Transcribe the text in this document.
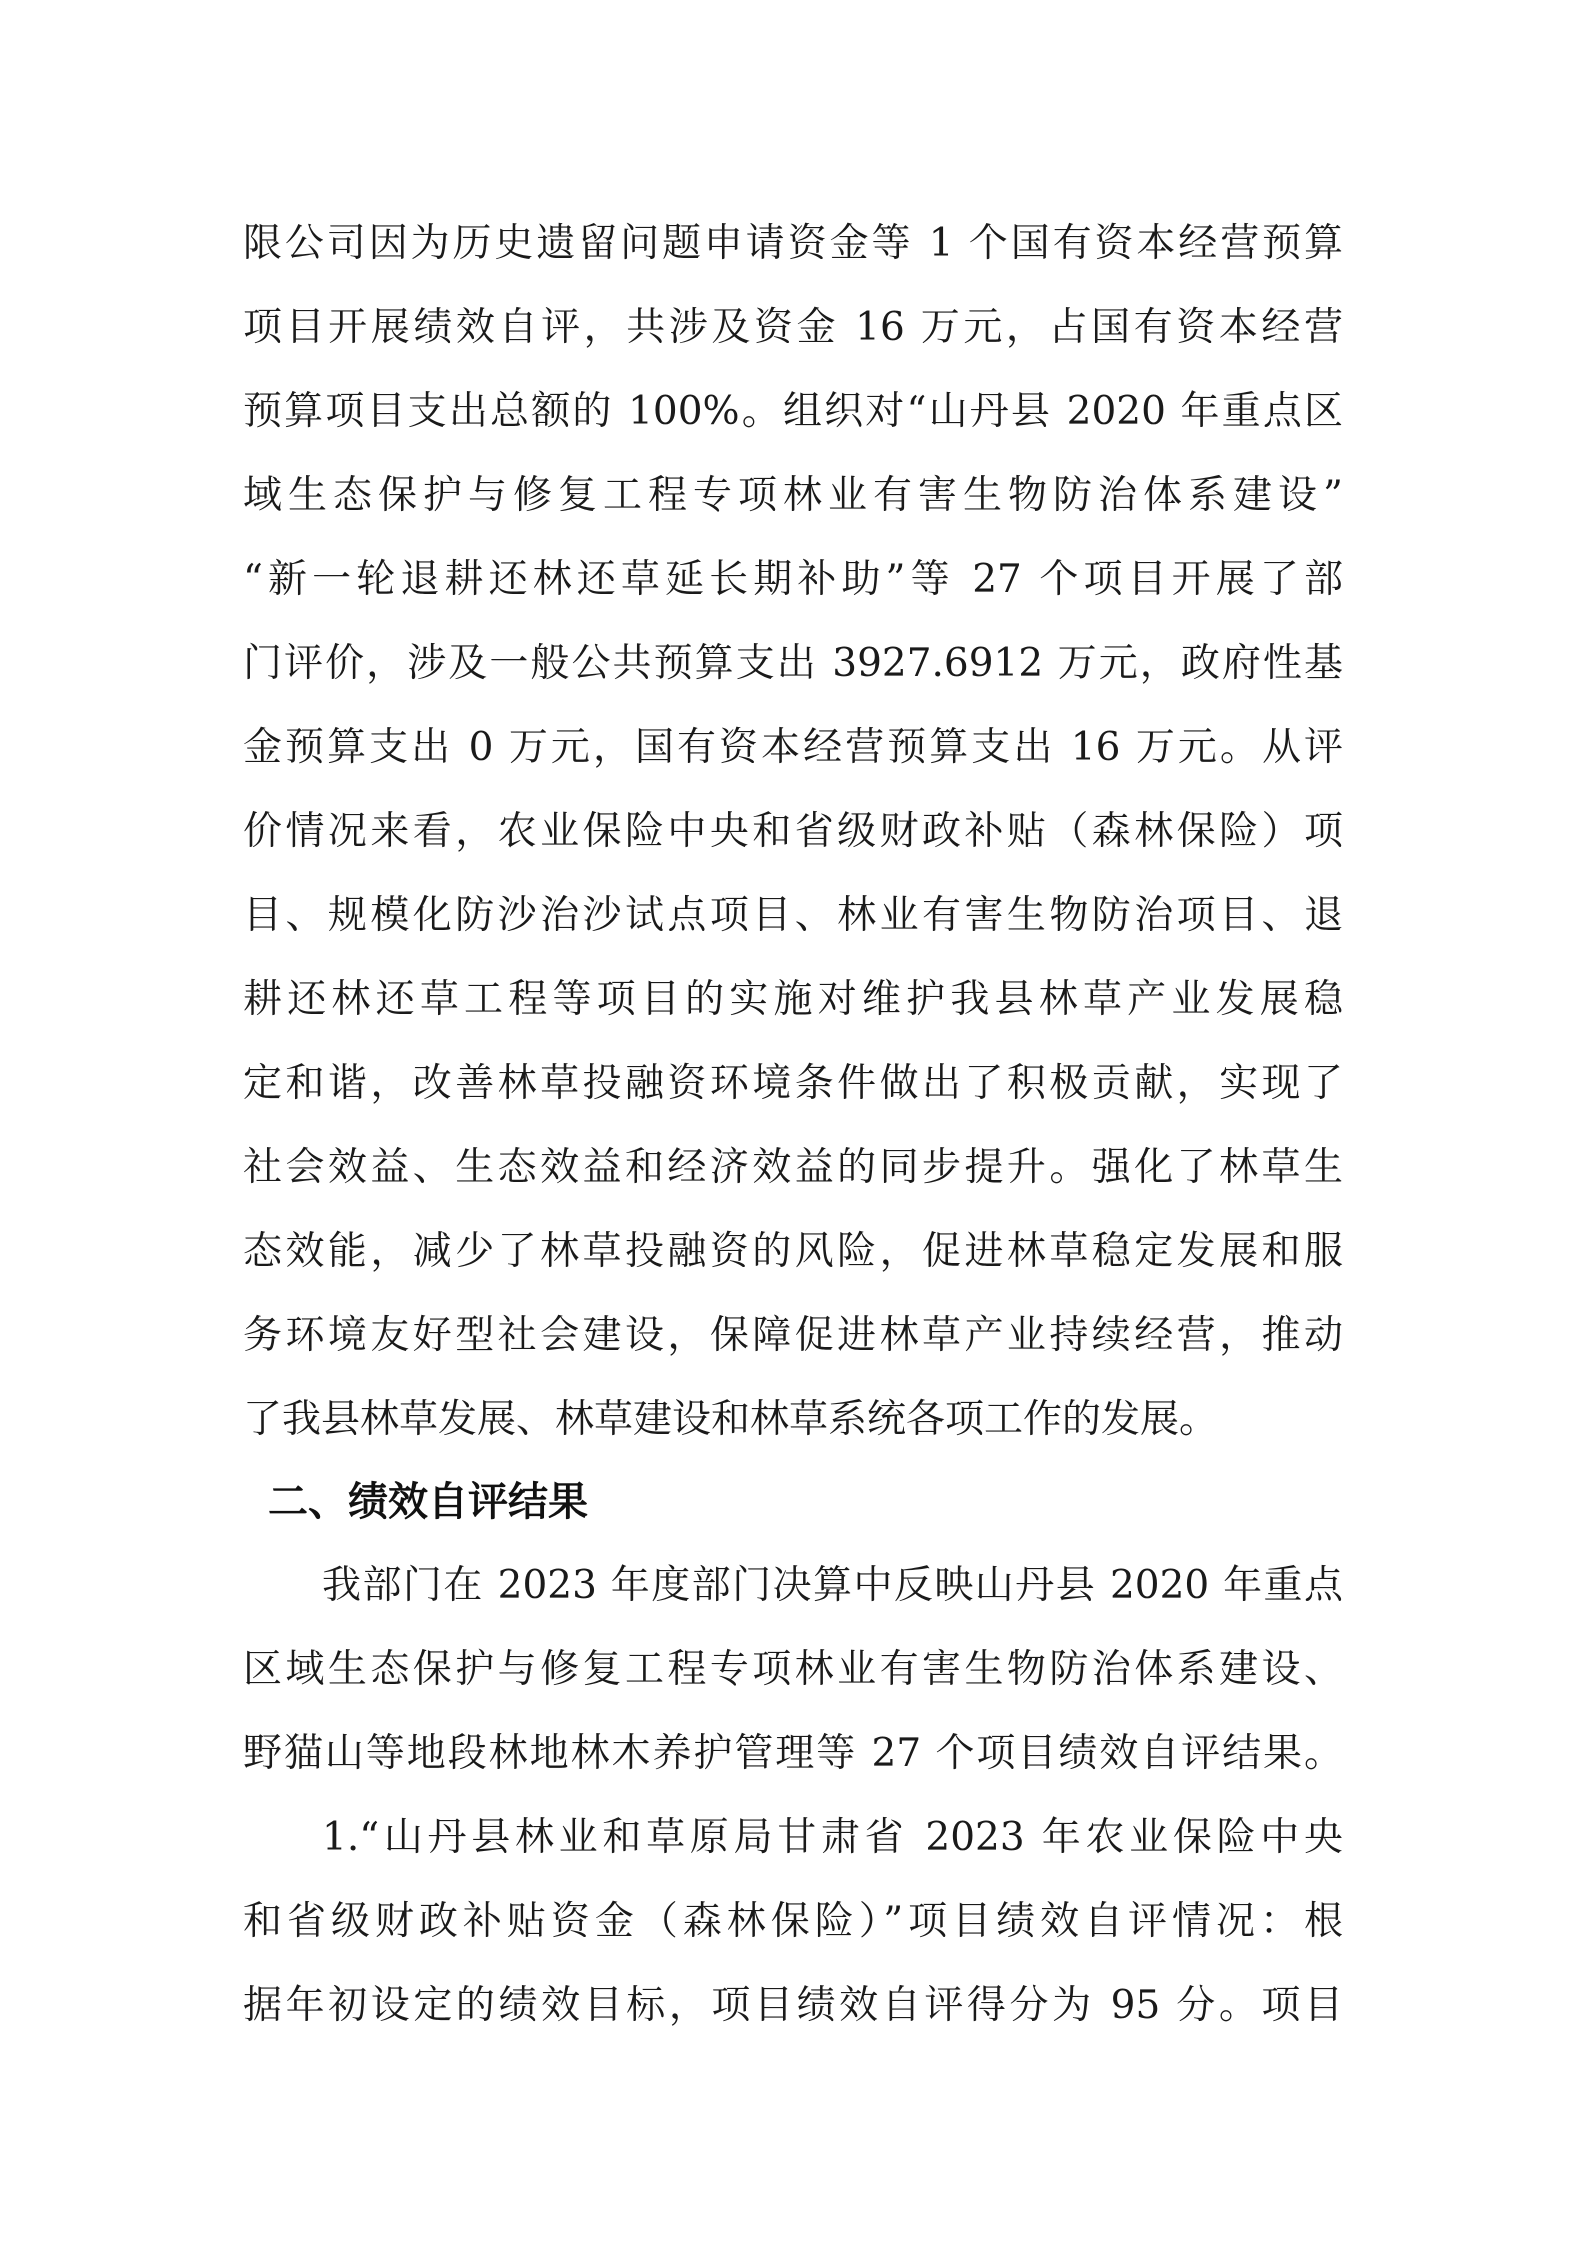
限公司因为历史遗留问题申请资金等 1 个国有资本经营预算
项目开展绩效自评，共涉及资金 16 万元，占国有资本经营
预算项目支出总额的 100%。组织对“山丹县 2020 年重点区
域生态保护与修复工程专项林业有害生物防治体系建设”
“新一轮退耕还林还草延长期补助”等 27 个项目开展了部
门评价，涉及一般公共预算支出 3927.6912 万元，政府性基
金预算支出 0 万元，国有资本经营预算支出 16 万元。从评
价情况来看，农业保险中央和省级财政补贴（森林保险）项
目、规模化防沙治沙试点项目、林业有害生物防治项目、退
耕还林还草工程等项目的实施对维护我县林草产业发展稳
定和谐，改善林草投融资环境条件做出了积极贡献，实现了
社会效益、生态效益和经济效益的同步提升。强化了林草生
态效能，减少了林草投融资的风险，促进林草稳定发展和服
务环境友好型社会建设，保障促进林草产业持续经营，推动
了我县林草发展、林草建设和林草系统各项工作的发展。
二、绩效自评结果
我部门在 2023 年度部门决算中反映山丹县 2020 年重点
区域生态保护与修复工程专项林业有害生物防治体系建设、
野猫山等地段林地林木养护管理等 27 个项目绩效自评结果。
1.“山丹县林业和草原局甘肃省 2023 年农业保险中央
和省级财政补贴资金（森林保险）”项目绩效自评情况：根
据年初设定的绩效目标，项目绩效自评得分为 95 分。项目
